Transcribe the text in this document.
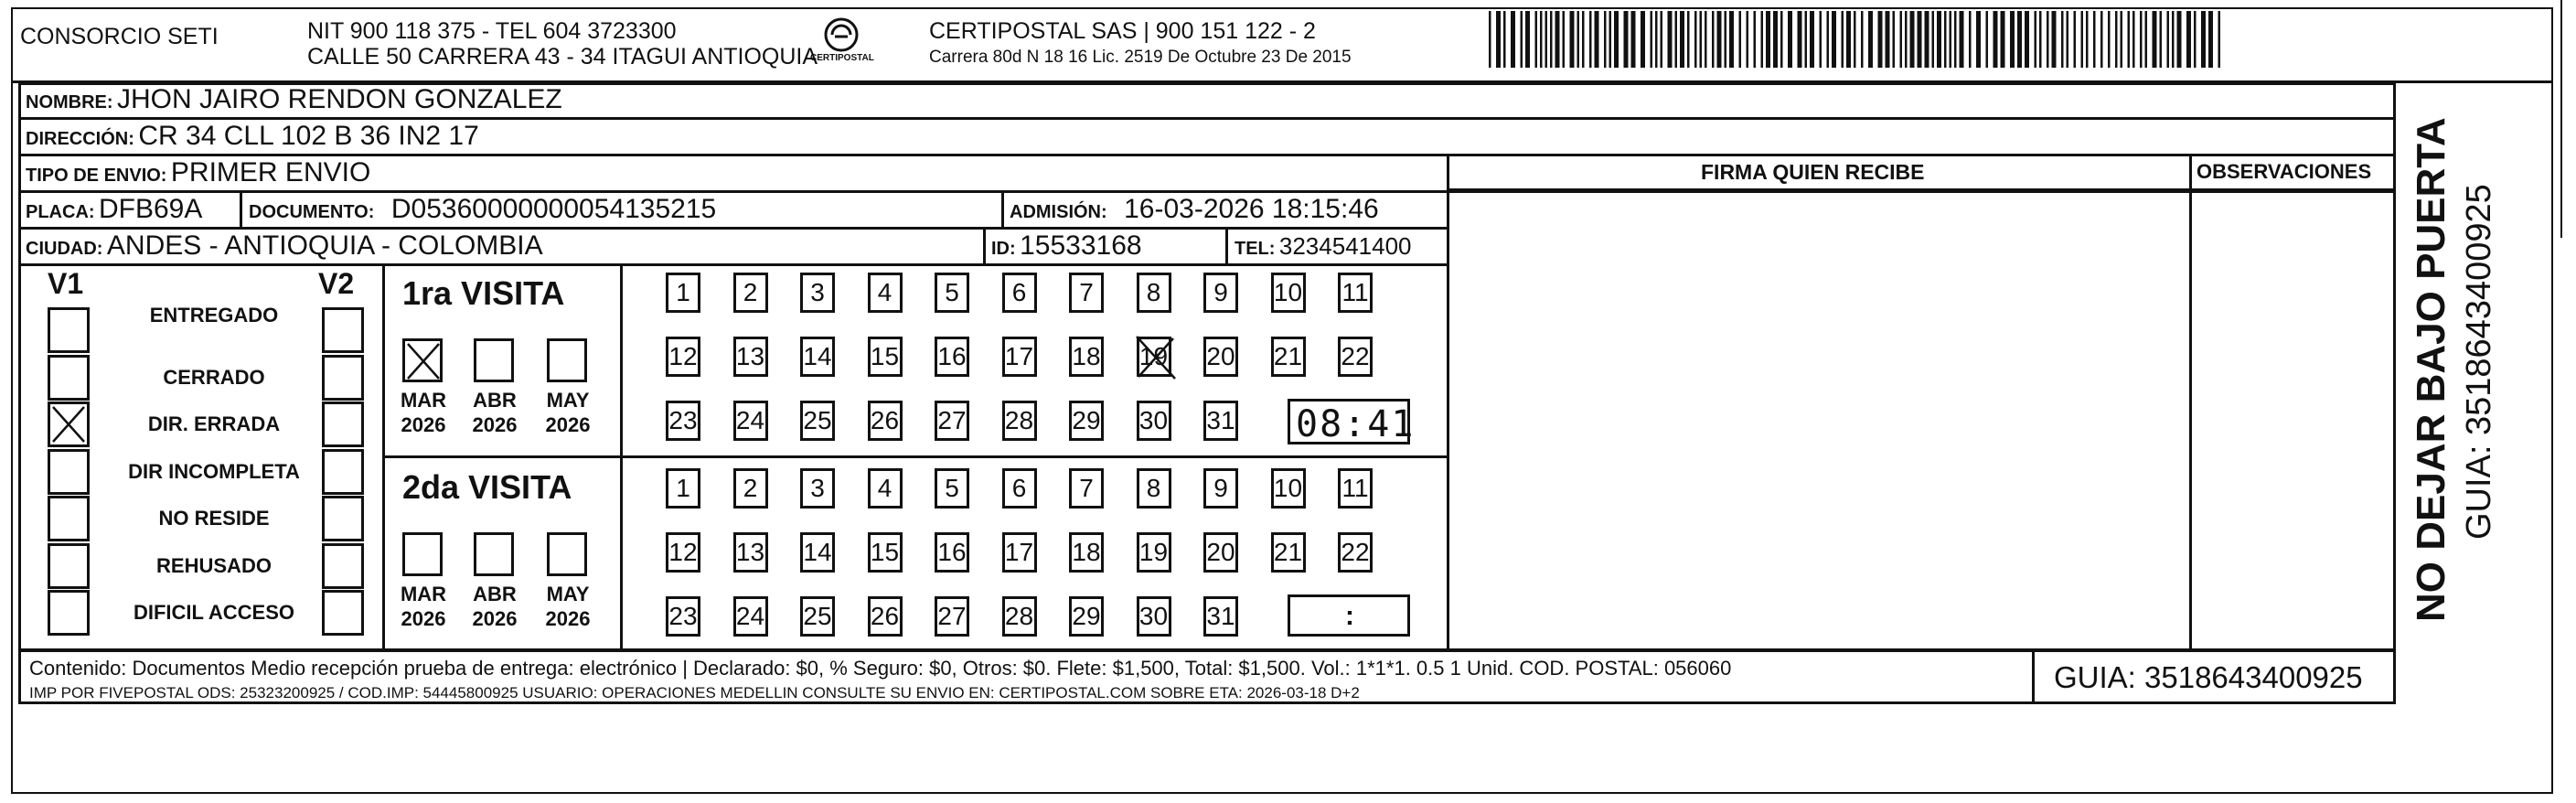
CONSORCIO SETI	NIT 900 118 375 - TEL 604 3723300
CALLE 50 CARRERA 43 - 34 ITAGUI ANTIOQUIA
CERTIPOSTAL
CERTIPOSTAL SAS | 900 151 122 - 2
Carrera 80d N 18 16 Lic. 2519 De Octubre 23 De 2015
NOMBRE: JHON JAIRO RENDON GONZALEZ
DIRECCIÓN: CR 34 CLL 102 B 36 IN2 17
TIPO DE ENVIO: PRIMER ENVIO	FIRMA QUIEN RECIBE	OBSERVACIONES
PLACA: DFB69A	DOCUMENTO: D05360000000054135215	ADMISIÓN: 16-03-2026 18:15:46
CIUDAD: ANDES - ANTIOQUIA - COLOMBIA	ID: 15533168	TEL: 3234541400
V1	V2
ENTREGADO
CERRADO
DIR. ERRADA
DIR INCOMPLETA
NO RESIDE
REHUSADO
DIFICIL ACCESO
1ra VISITA
2da VISITA
MAR
2026
ABR
2026
MAY
2026
MAR
2026
ABR
2026
MAY
2026
1	2	3	4	5	6	7	8	9	10 11
12 13 14 15 16 17 18 19 20 21 22
23 24 25 26 27 28 29 30 31
1	2	3	4	5	6	7	8	9	10 11
12 13 14 15 16 17 18 19 20 21 22
23 24 25 26 27 28 29 30 31
08:41
:
Contenido: Documentos Medio recepción prueba de entrega: electrónico | Declarado: $0, % Seguro: $0, Otros: $0. Flete: $1,500, Total: $1,500. Vol.: 1*1*1. 0.5 1 Unid. COD. POSTAL: 056060
IMP POR FIVEPOSTAL ODS: 25323200925 / COD.IMP: 54445800925 USUARIO: OPERACIONES MEDELLIN CONSULTE SU ENVIO EN: CERTIPOSTAL.COM SOBRE ETA: 2026-03-18 D+2	GUIA: 3518643400925
NO DEJAR BAJO PUERTA GUIA: 3518643400925
